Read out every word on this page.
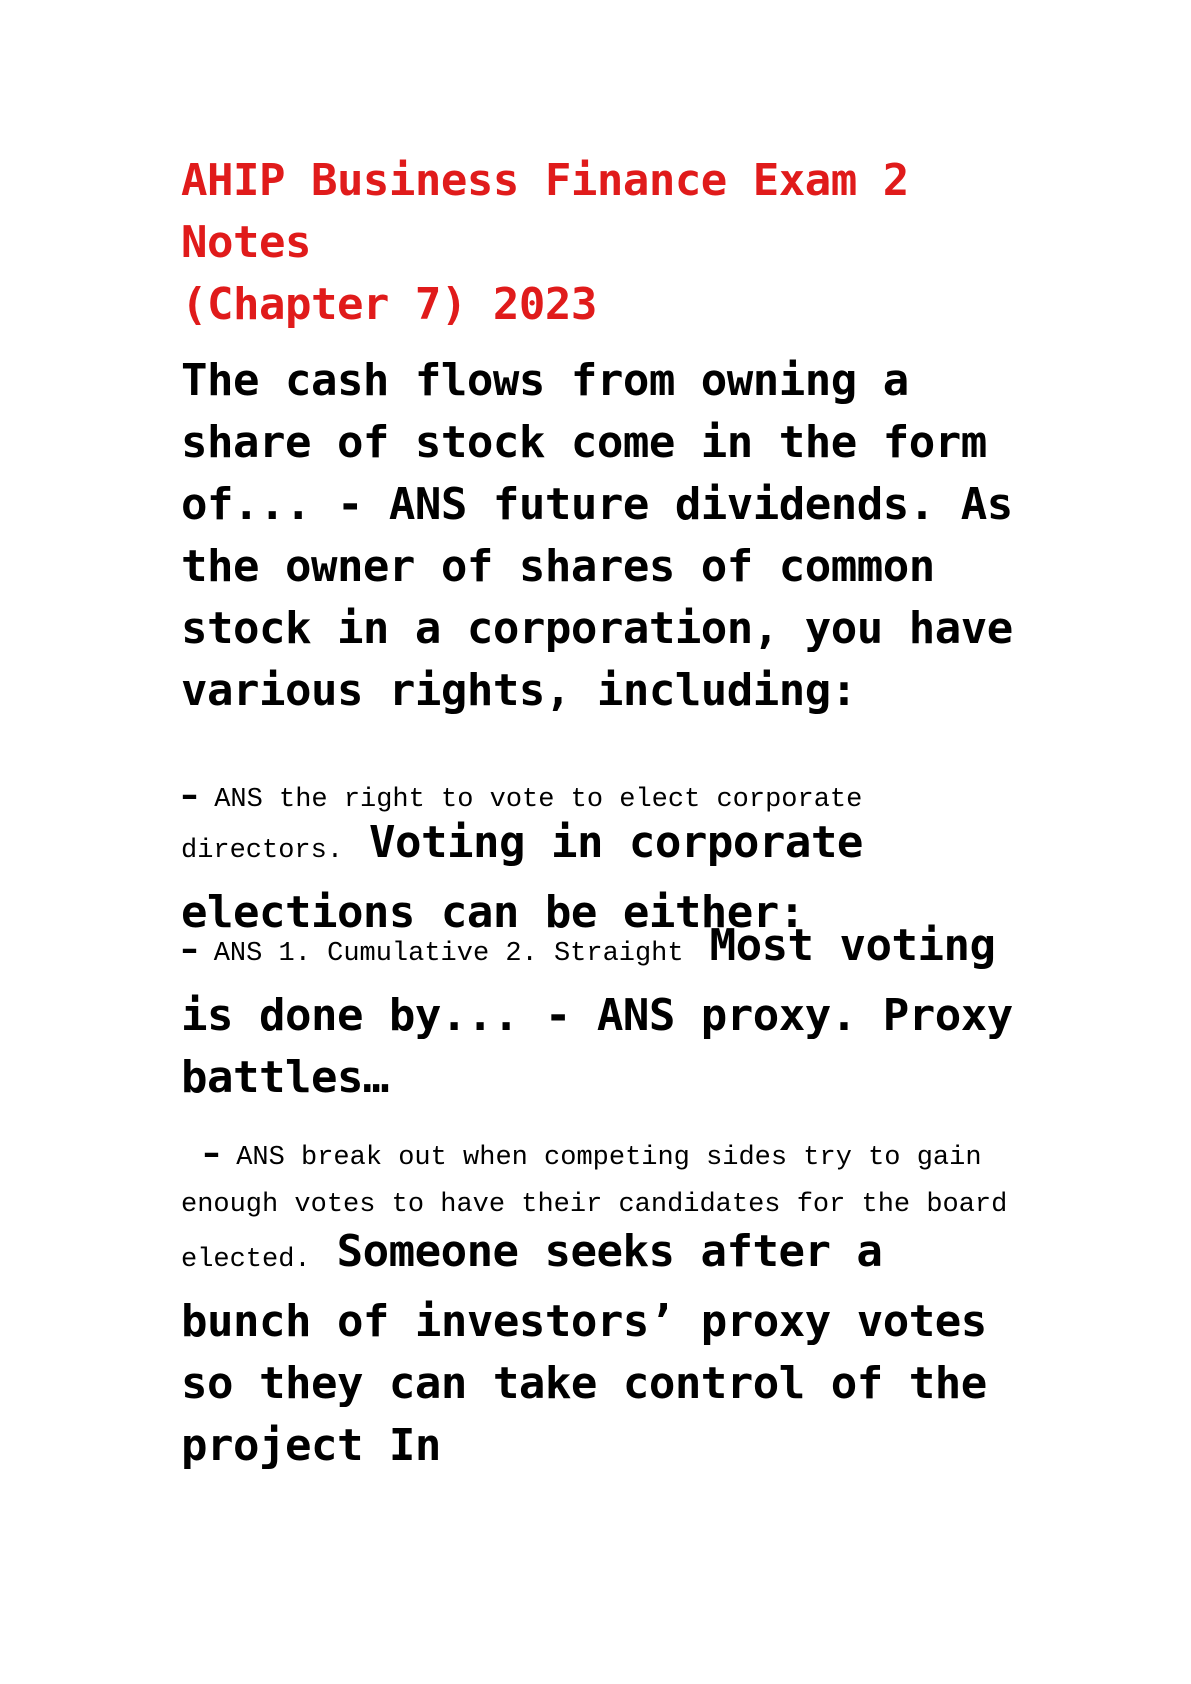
AHIP Business Finance Exam 2 Notes
(Chapter 7) 2023
The cash flows from owning a share of stock come in the form of... - ANS future dividends. As the owner of shares of common stock in a corporation, you have various rights, including:
– ANS the right to vote to elect corporate
directors. Voting in corporate elections can be either:
– ANS 1. Cumulative 2. Straight Most voting is done by... - ANS proxy. Proxy battles…
– ANS break out when competing sides try to gain
enough votes to have their candidates for the board
elected. Someone seeks after a bunch of investors’ proxy votes so they can take control of the project In
